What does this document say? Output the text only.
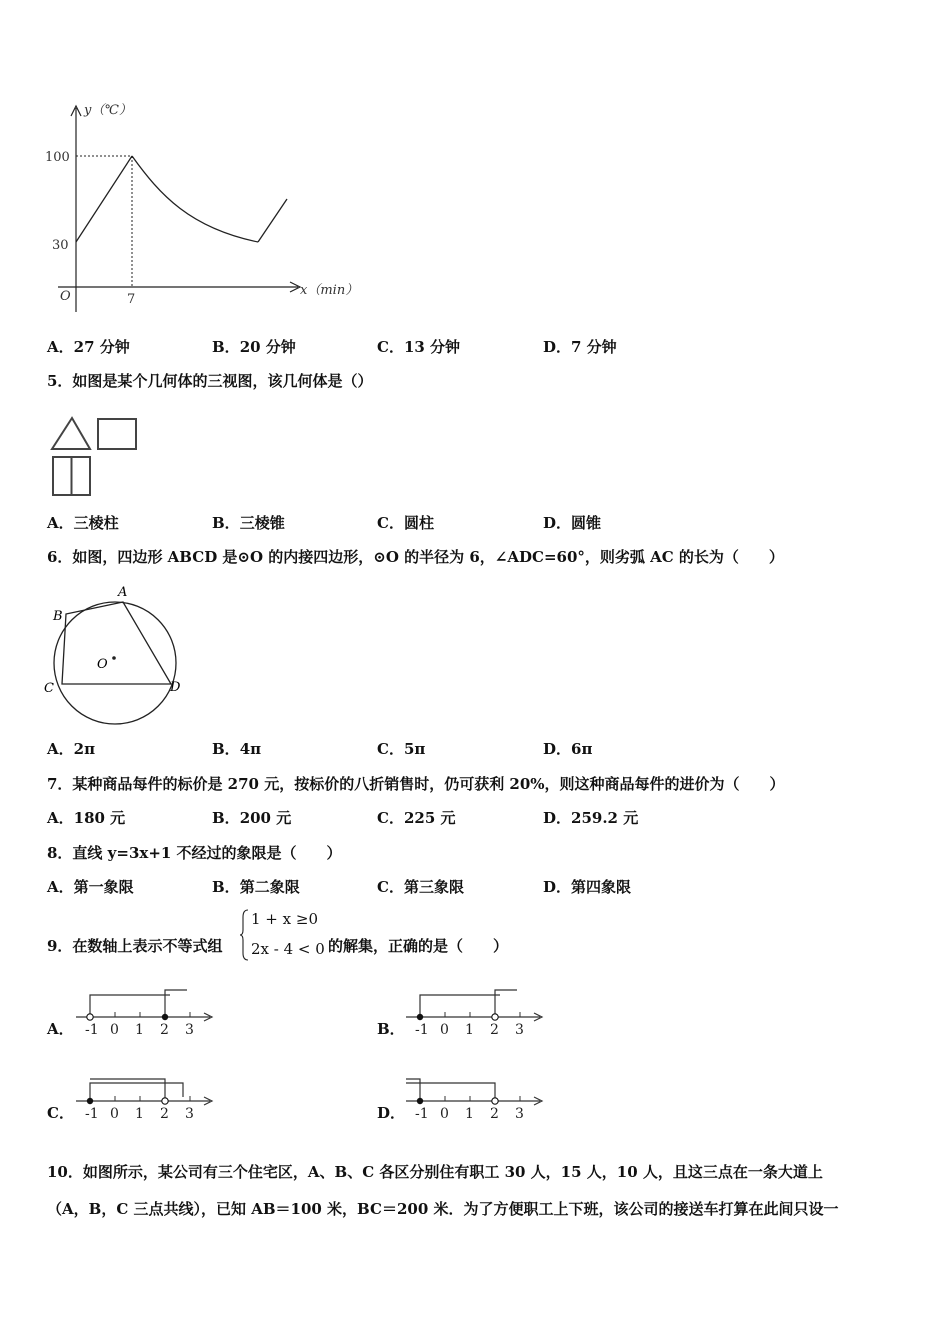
y（℃）
x（min）
100
30
O	7
A．27 分钟	B．20 分钟	C．13 分钟	D．7 分钟
5．如图是某个几何体的三视图，该几何体是（）
A．三棱柱	B．三棱锥	C．圆柱	D．圆锥
6．如图，四边形 ABCD 是⊙O 的内接四边形，⊙O 的半径为 6，∠ADC=60°，则劣弧 AC 的长为（　　）
A
B
C	D
O
A．2π	B．4π	C．5π	D．6π
7．某种商品每件的标价是 270 元，按标价的八折销售时，仍可获利 20%，则这种商品每件的进价为（　　）
A．180 元	B．200 元	C．225 元	D．259.2 元
8．直线 y=3x+1 不经过的象限是（　　）
A．第一象限	B．第二象限	C．第三象限	D．第四象限
9．在数轴上表示不等式组
1 + x ≥0
2x - 4 < 0 的解集，正确的是（　　）
A． -1 0 1 2 3	B． -1 0 1 2 3
C． -1 0 1 2 3	D． -1 0 1 2 3
10．如图所示，某公司有三个住宅区，A、B、C 各区分别住有职工 30 人，15 人，10 人，且这三点在一条大道上
（A，B，C 三点共线），已知 AB＝100 米，BC＝200 米．为了方便职工上下班，该公司的接送车打算在此间只设一
